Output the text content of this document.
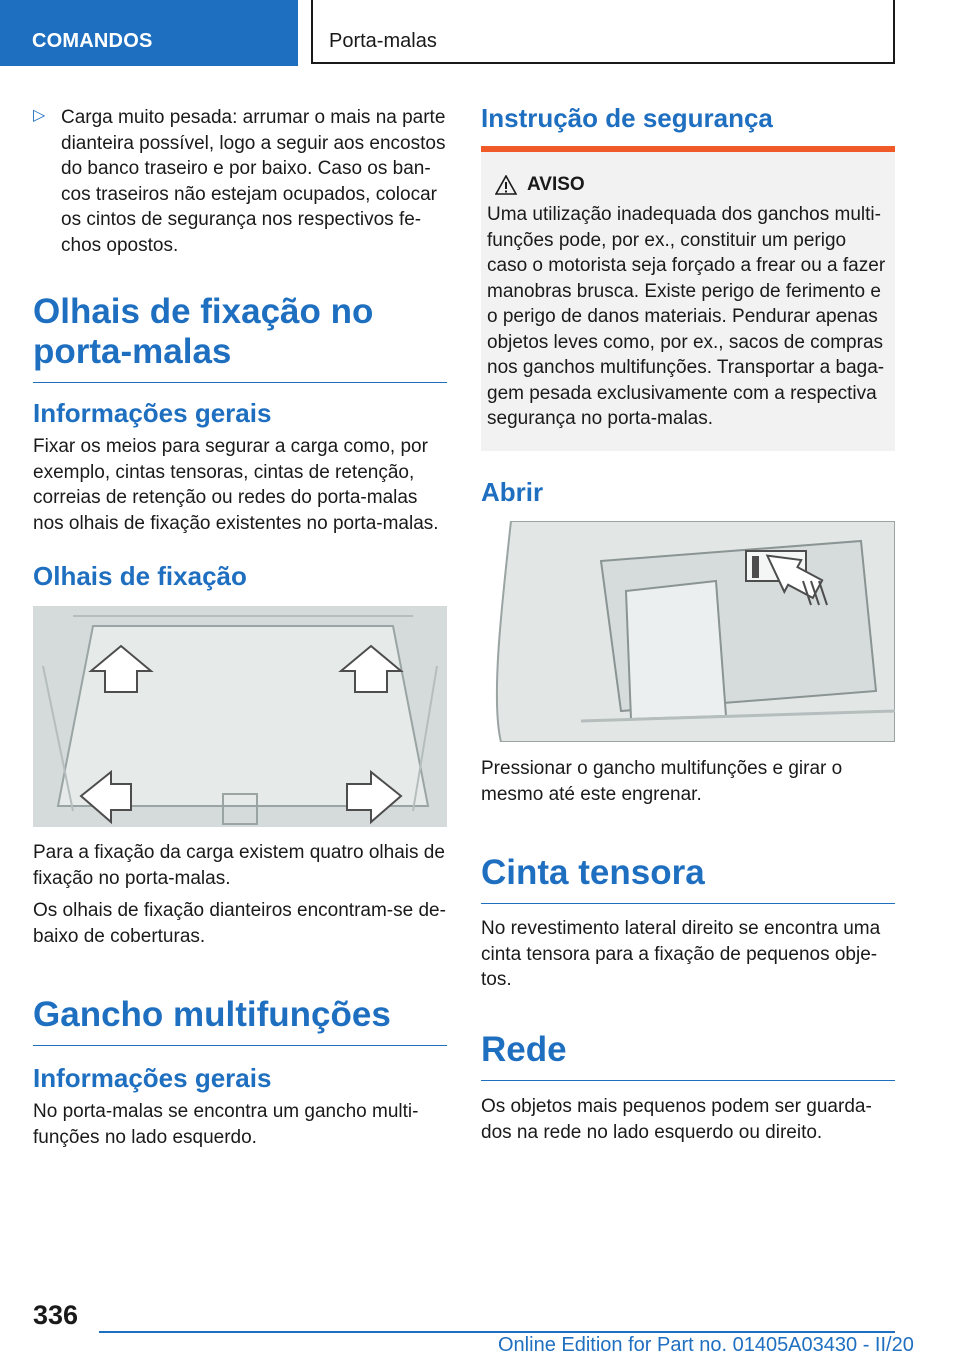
COMANDOS	Porta-malas
▷ Carga muito pesada: arrumar o mais na parte dianteira possível, logo a seguir aos encostos do banco traseiro e por baixo. Caso os ban‐ cos traseiros não estejam ocupados, colocar os cintos de segurança nos respectivos fe‐ chos opostos.

Olhais de fixação no porta‐malas
Informações gerais

Fixar os meios para segurar a carga como, por exemplo, cintas tensoras, cintas de retenção, correias de retenção ou redes do porta-malas nos olhais de fixação existentes no porta-malas.

Olhais de fixação

Para a fixação da carga existem quatro olhais de fixação no porta-malas.

Os olhais de fixação dianteiros encontram-se de‐ baixo de coberturas.

Gancho multifunções
Informações gerais

No porta-malas se encontra um gancho multi‐ funções no lado esquerdo.

Instrução de segurança
AVISO

Uma utilização inadequada dos ganchos multi‐ funções pode, por ex., constituir um perigo caso o motorista seja forçado a frear ou a fazer manobras brusca. Existe perigo de ferimento e o perigo de danos materiais. Pendurar apenas objetos leves como, por ex., sacos de compras nos ganchos multifunções. Transportar a baga‐ gem pesada exclusivamente com a respectiva segurança no porta-malas.

Abrir

Pressionar o gancho multifunções e girar o mesmo até este engrenar.

Cinta tensora

No revestimento lateral direito se encontra uma cinta tensora para a fixação de pequenos obje‐ tos.

Rede

Os objetos mais pequenos podem ser guarda‐ dos na rede no lado esquerdo ou direito.

336
Online Edition for Part no. 01405A03430 - II/20
